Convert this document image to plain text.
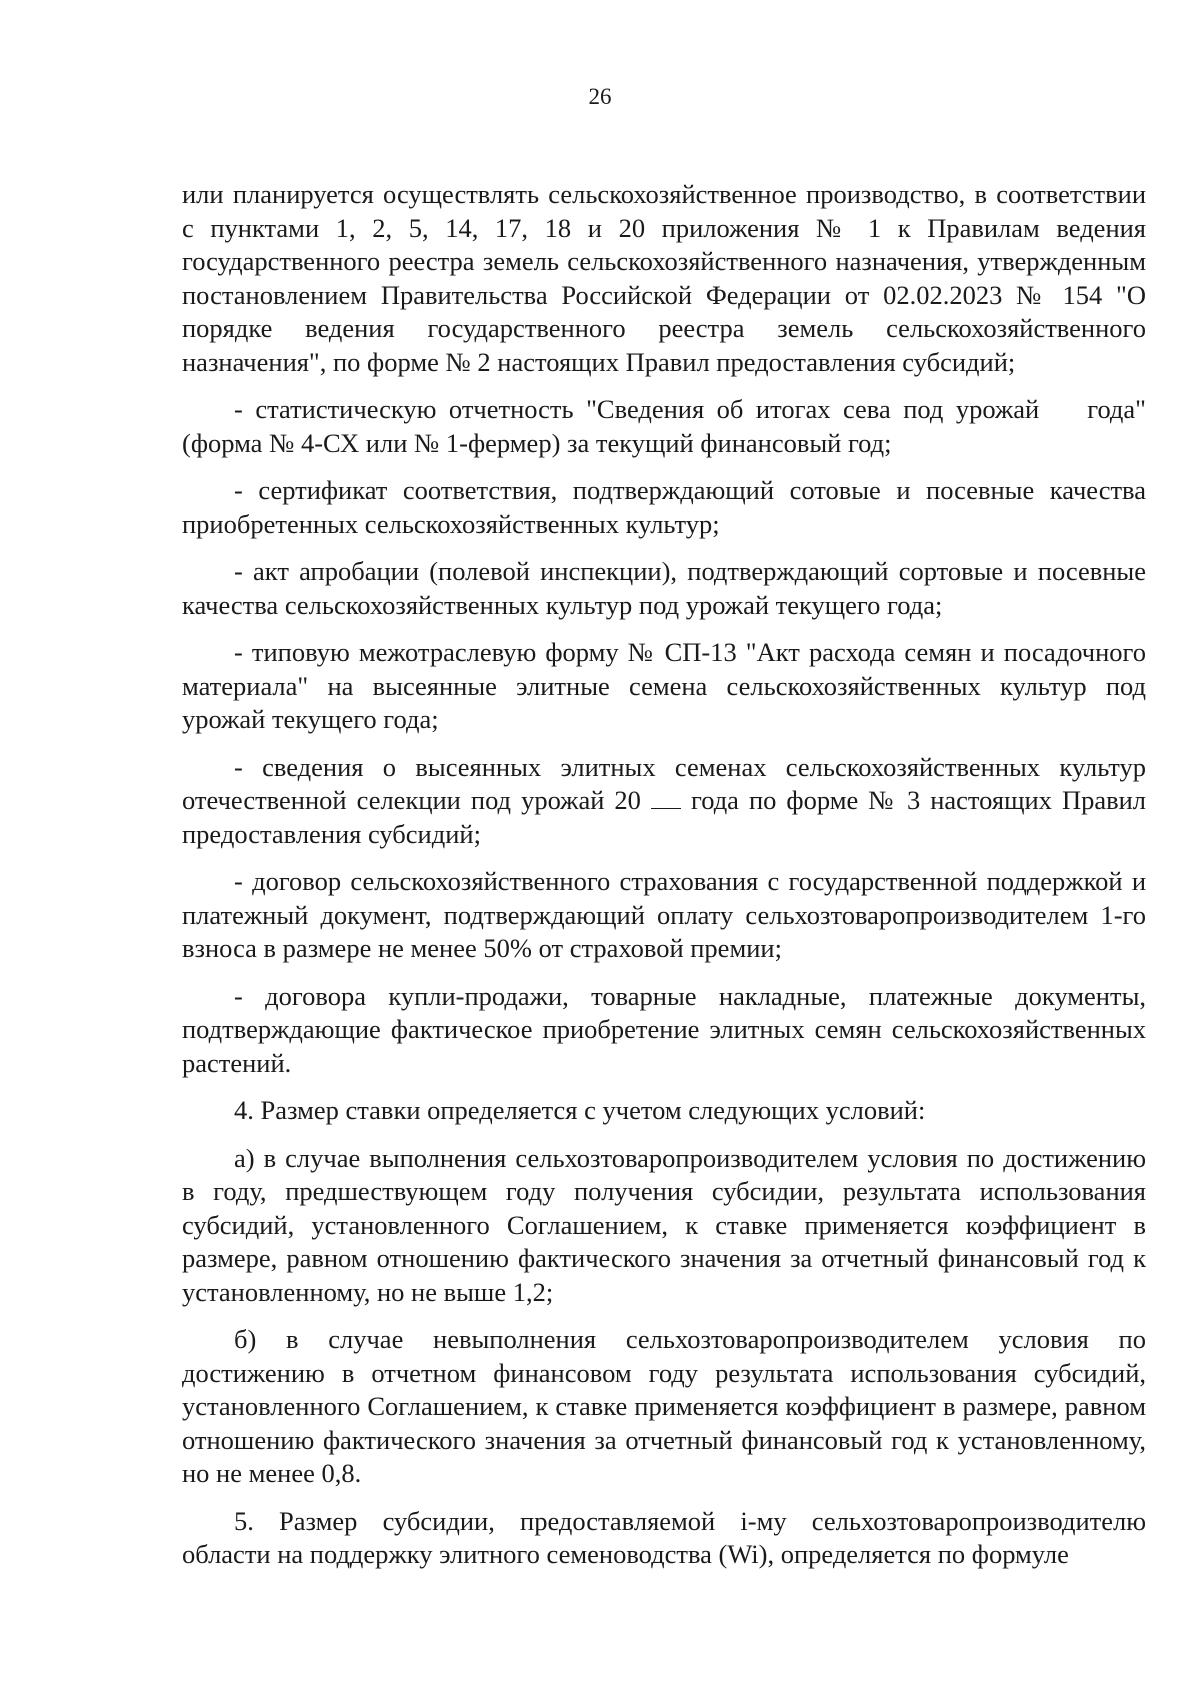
26

или планируется осуществлять сельскохозяйственное производство, в соответствии с пунктами 1, 2, 5, 14, 17, 18 и 20 приложения № 1 к Правилам ведения государственного реестра земель сельскохозяйственного назначения, утвержденным постановлением Правительства Российской Федерации от 02.02.2023 № 154 "О порядке ведения государственного реестра земель сельскохозяйственного назначения", по форме № 2 настоящих Правил предоставления субсидий;

- статистическую отчетность "Сведения об итогах сева под урожай года" (форма № 4-СХ или № 1-фермер) за текущий финансовый год;

- сертификат соответствия, подтверждающий сотовые и посевные качества приобретенных сельскохозяйственных культур;

- акт апробации (полевой инспекции), подтверждающий сортовые и посевные качества сельскохозяйственных культур под урожай текущего года;

- типовую межотраслевую форму № СП-13 "Акт расхода семян и посадочного материала" на высеянные элитные семена сельскохозяйственных культур под урожай текущего года;

- сведения о высеянных элитных семенах сельскохозяйственных культур отечественной селекции под урожай 20 года по форме № 3 настоящих Правил предоставления субсидий;

- договор сельскохозяйственного страхования с государственной поддержкой и платежный документ, подтверждающий оплату сельхозтоваропроизводителем 1-го взноса в размере не менее 50% от страховой премии;

- договора купли-продажи, товарные накладные, платежные документы, подтверждающие фактическое приобретение элитных семян сельскохозяйственных растений.

4. Размер ставки определяется с учетом следующих условий:

а) в случае выполнения сельхозтоваропроизводителем условия по достижению в году, предшествующем году получения субсидии, результата использования субсидий, установленного Соглашением, к ставке применяется коэффициент в размере, равном отношению фактического значения за отчетный финансовый год к установленному, но не выше 1,2;

б) в случае невыполнения сельхозтоваропроизводителем условия по достижению в отчетном финансовом году результата использования субсидий, установленного Соглашением, к ставке применяется коэффициент в размере, равном отношению фактического значения за отчетный финансовый год к установленному, но не менее 0,8.

5. Размер субсидии, предоставляемой i-му сельхозтоваропроизводителю области на поддержку элитного семеноводства (Wi), определяется по формуле
